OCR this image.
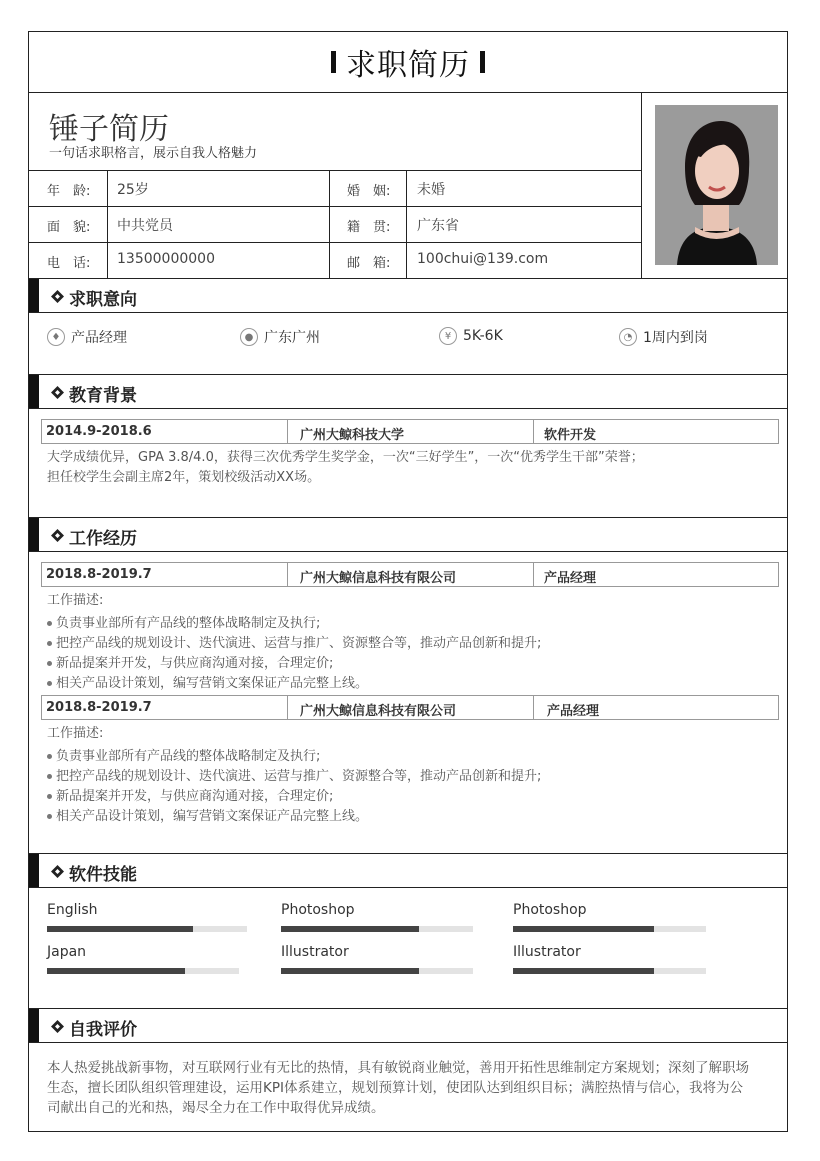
求职简历
锤子简历
一句话求职格言，展示自我人格魅力
年　龄: 25岁	婚　姻: 未婚
面　貌: 中共党员	籍　贯: 广东省
电　话: 13500000000	邮　箱: 100chui@139.com
求职意向
♦ 产品经理	● 广东广州	¥ 5K-6K	◔ 1周内到岗
教育背景
2014.9-2018.6	广州大鲸科技大学	软件开发
大学成绩优异，GPA 3.8/4.0，获得三次优秀学生奖学金，一次“三好学生”，一次“优秀学生干部”荣誉；
担任校学生会副主席2年，策划校级活动XX场。
工作经历
2018.8-2019.7	广州大鲸信息科技有限公司	产品经理
工作描述:
负责事业部所有产品线的整体战略制定及执行;
把控产品线的规划设计、迭代演进、运营与推广、资源整合等，推动产品创新和提升;
新品提案并开发，与供应商沟通对接，合理定价;
相关产品设计策划，编写营销文案保证产品完整上线。
2018.8-2019.7	广州大鲸信息科技有限公司	产品经理
工作描述:
负责事业部所有产品线的整体战略制定及执行;
把控产品线的规划设计、迭代演进、运营与推广、资源整合等，推动产品创新和提升;
新品提案并开发，与供应商沟通对接，合理定价;
相关产品设计策划，编写营销文案保证产品完整上线。
软件技能
English	Photoshop	Photoshop
Japan	Illustrator	Illustrator
自我评价
本人热爱挑战新事物，对互联网行业有无比的热情，具有敏锐商业触觉，善用开拓性思维制定方案规划；深刻了解职场
生态，擅长团队组织管理建设，运用KPI体系建立，规划预算计划，使团队达到组织目标；满腔热情与信心，我将为公
司献出自己的光和热，竭尽全力在工作中取得优异成绩。
